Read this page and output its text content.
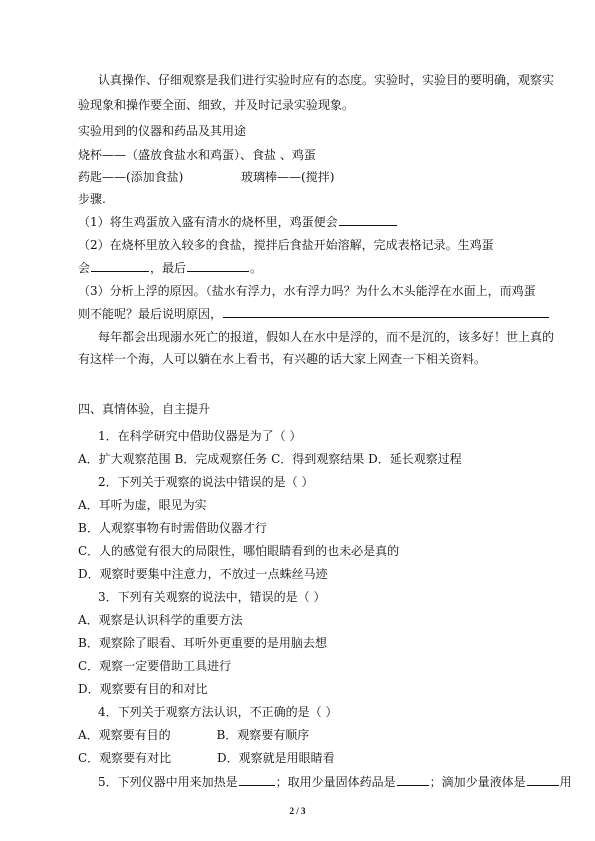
认真操作、仔细观察是我们进行实验时应有的态度。实验时，实验目的要明确，观察实
验现象和操作要全面、细致，并及时记录实验现象。
实验用到的仪器和药品及其用途
烧杯——（盛放食盐水和鸡蛋）、食盐 、鸡蛋
药匙——(添加食盐)	玻璃棒——(搅拌)
步骤.
（1）将生鸡蛋放入盛有清水的烧杯里，鸡蛋便会
（2）在烧杯里放入较多的食盐，搅拌后食盐开始溶解，完成表格记录。生鸡蛋
会	，最后	。
（3）分析上浮的原因。（盐水有浮力，水有浮力吗？为什么木头能浮在水面上，而鸡蛋
则不能呢？最后说明原因，
每年都会出现溺水死亡的报道，假如人在水中是浮的，而不是沉的，该多好！世上真的
有这样一个海，人可以躺在水上看书，有兴趣的话大家上网查一下相关资料。
四、真情体验，自主提升
1．在科学研究中借助仪器是为了（ ）
A．扩大观察范围 B．完成观察任务 C．得到观察结果 D．延长观察过程
2．下列关于观察的说法中错误的是（ ）
A．耳听为虚，眼见为实
B．人观察事物有时需借助仪器才行
C．人的感觉有很大的局限性，哪怕眼睛看到的也未必是真的
D．观察时要集中注意力，不放过一点蛛丝马迹
3．下列有关观察的说法中，错误的是（ ）
A．观察是认识科学的重要方法
B．观察除了眼看、耳听外更重要的是用脑去想
C．观察一定要借助工具进行
D．观察要有目的和对比
4．下列关于观察方法认识，不正确的是（ ）
A．观察要有目的            B．观察要有顺序
C．观察要有对比            D．观察就是用眼睛看
5．下列仪器中用来加热是	；取用少量固体药品是	；滴加少量液体是	用
2 / 3
